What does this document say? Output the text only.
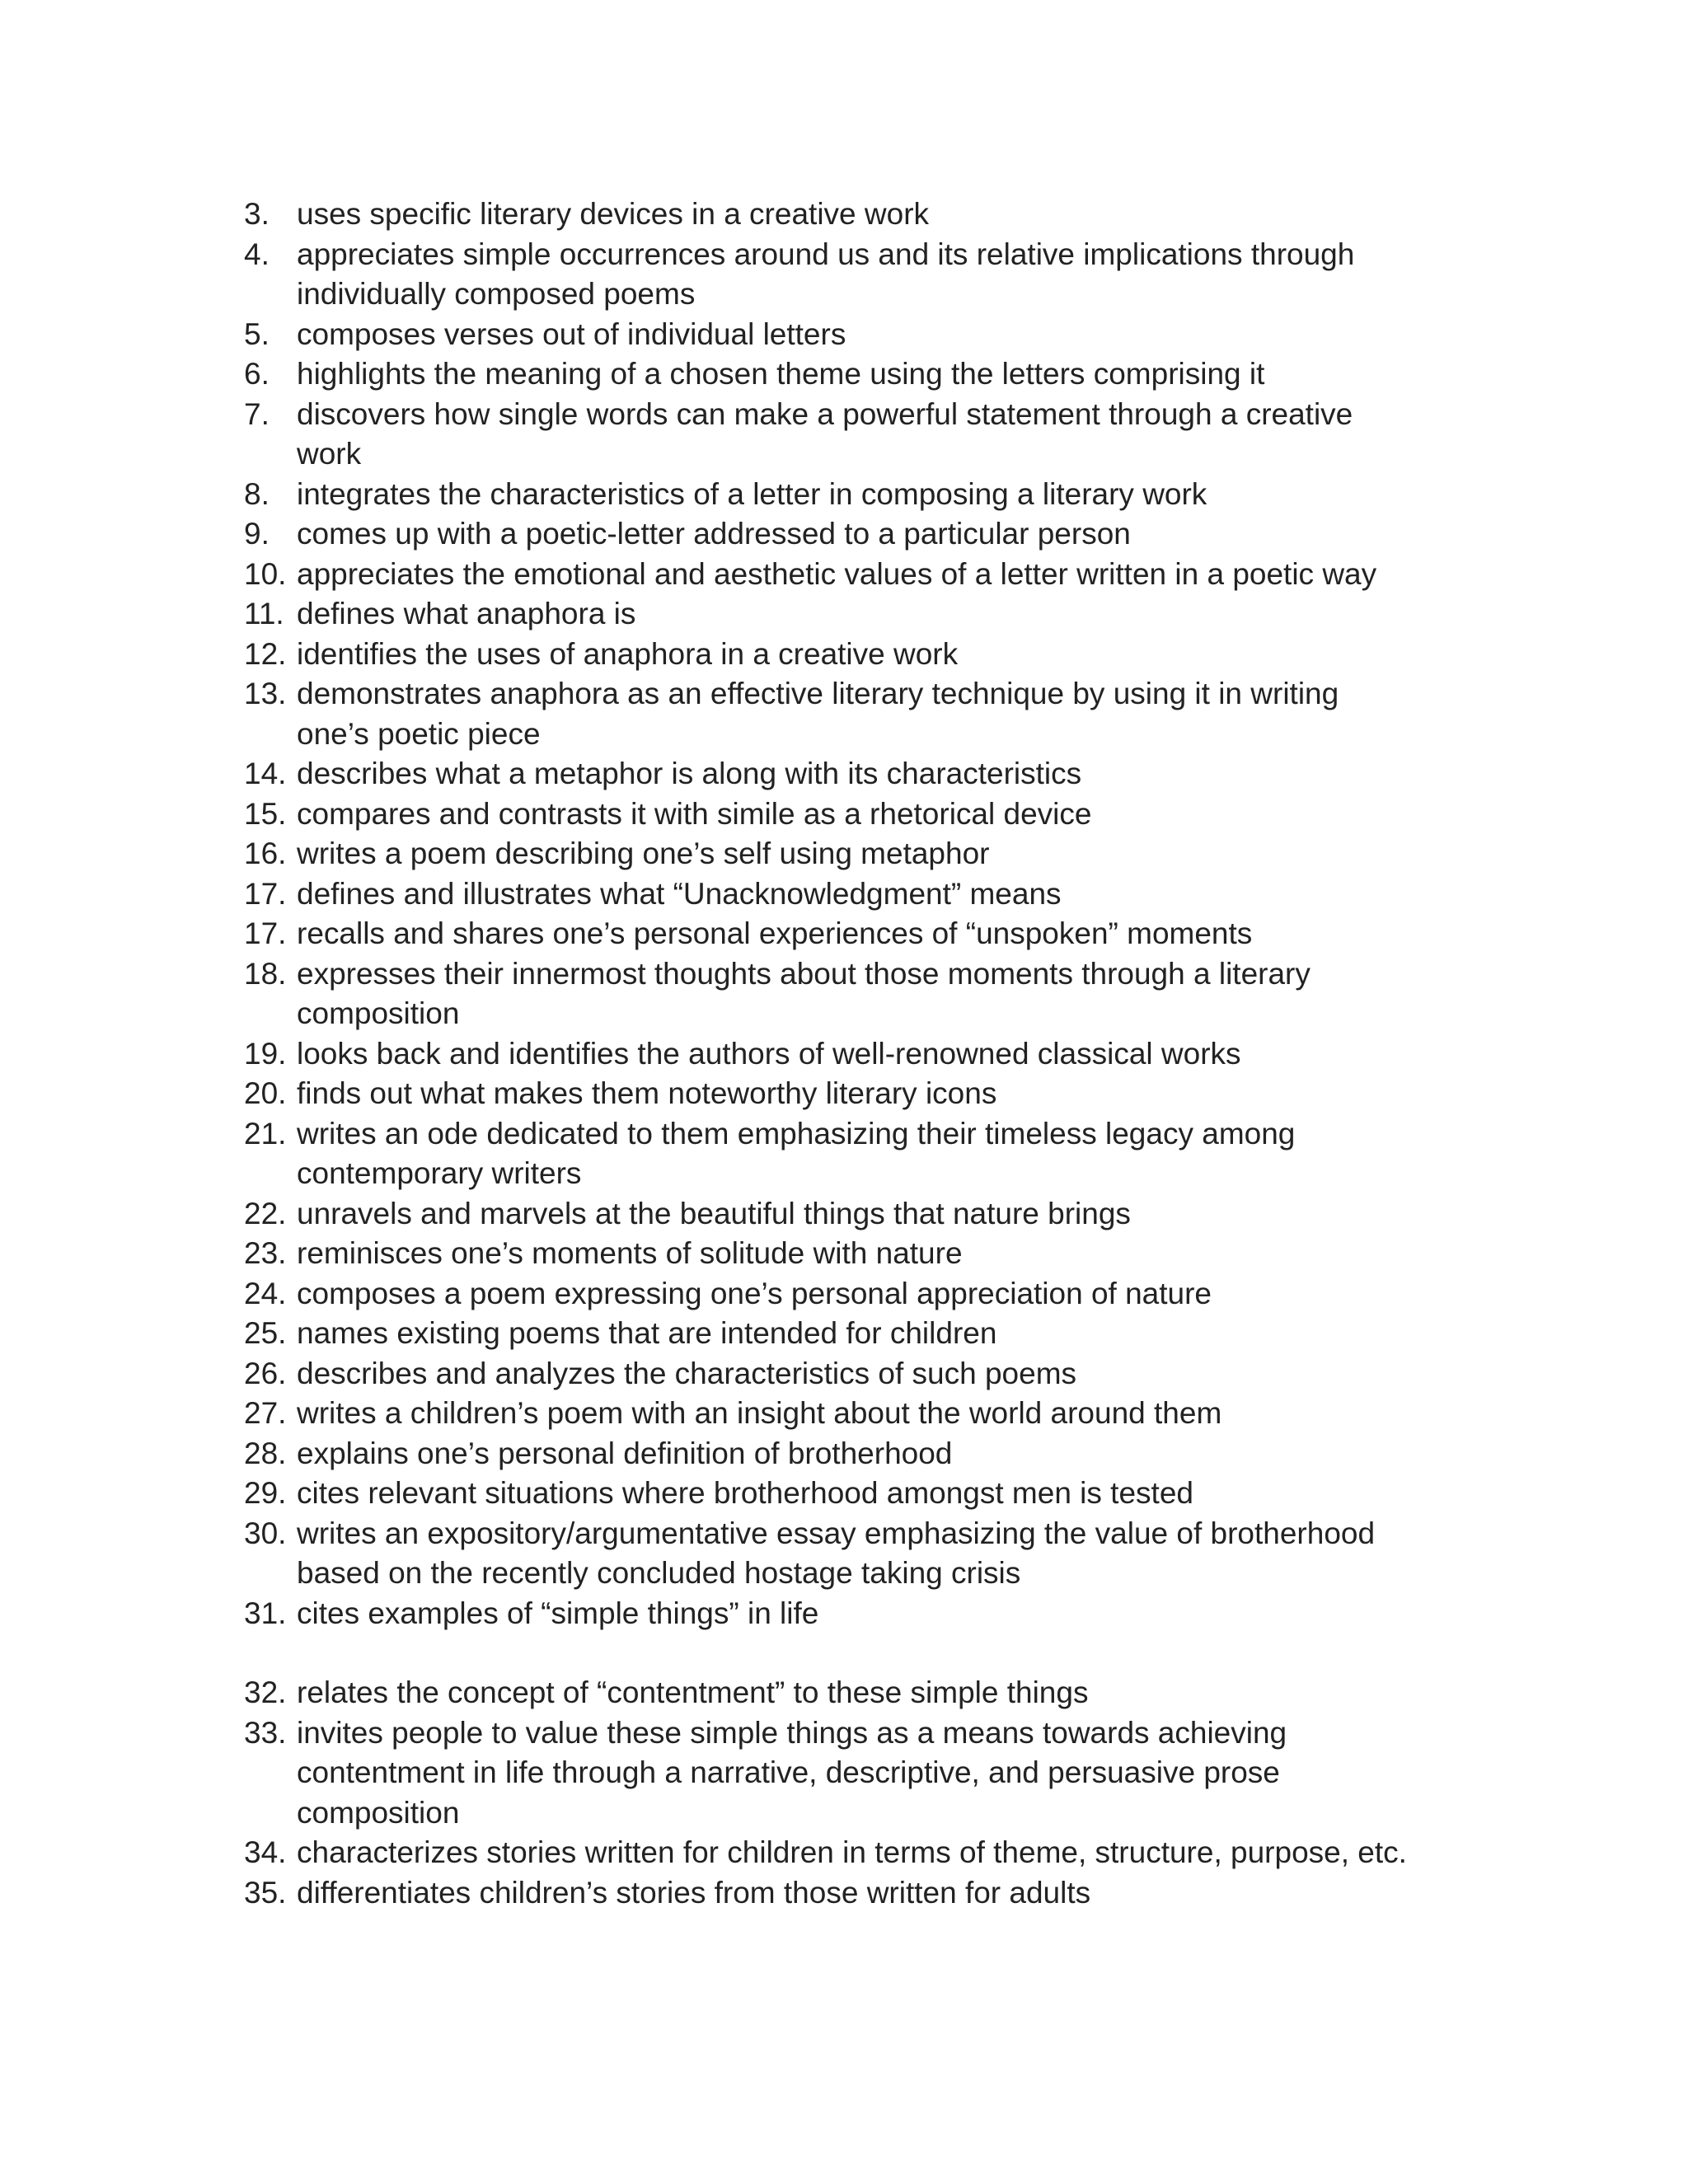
3. uses specific literary devices in a creative work
4. appreciates simple occurrences around us and its relative implications through individually composed poems
5. composes verses out of individual letters
6. highlights the meaning of a chosen theme using the letters comprising it
7. discovers how single words can make a powerful statement through a creative work
8. integrates the characteristics of a letter in composing a literary work
9. comes up with a poetic-letter addressed to a particular person
10. appreciates the emotional and aesthetic values of a letter written in a poetic way
11. defines what anaphora is
12. identifies the uses of anaphora in a creative work
13. demonstrates anaphora as an effective literary technique by using it in writing one’s poetic piece
14. describes what a metaphor is along with its characteristics
15. compares and contrasts it with simile as a rhetorical device
16. writes a poem describing one’s self using metaphor
17. defines and illustrates what “Unacknowledgment” means
17. recalls and shares one’s personal experiences of “unspoken” moments
18. expresses their innermost thoughts about those moments through a literary composition
19. looks back and identifies the authors of well-renowned classical works
20. finds out what makes them noteworthy literary icons
21. writes an ode dedicated to them emphasizing their timeless legacy among contemporary writers
22. unravels and marvels at the beautiful things that nature brings
23. reminisces one’s moments of solitude with nature
24. composes a poem expressing one’s personal appreciation of nature
25. names existing poems that are intended for children
26. describes and analyzes the characteristics of such poems
27. writes a children’s poem with an insight about the world around them
28. explains one’s personal definition of brotherhood
29. cites relevant situations where brotherhood amongst men is tested
30. writes an expository/argumentative essay emphasizing the value of brotherhood based on the recently concluded hostage taking crisis
31. cites examples of “simple things” in life
32. relates the concept of “contentment” to these simple things
33. invites people to value these simple things as a means towards achieving contentment in life through a narrative, descriptive, and persuasive prose composition
34. characterizes stories written for children in terms of theme, structure, purpose, etc.
35. differentiates children’s stories from those written for adults
